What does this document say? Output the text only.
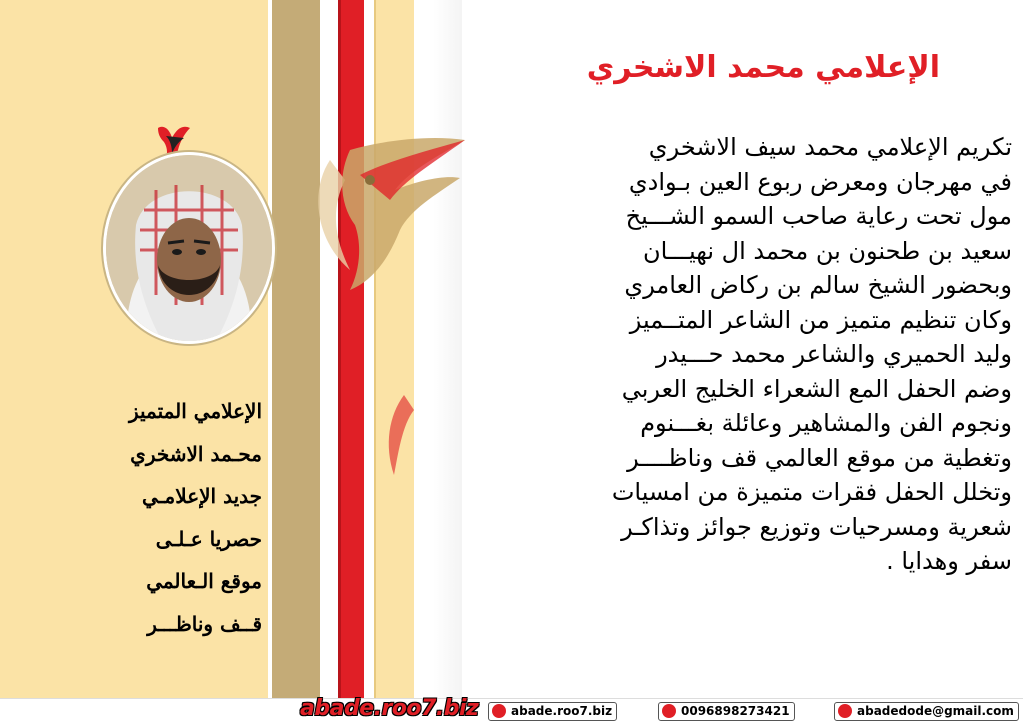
الإعلامي محمد الاشخري
تكريم الإعلامي محمد سيف الاشخري
في مهرجان ومعرض ربوع العين بـوادي
مول تحت رعاية صاحب السمو الشـــيخ
سعيد بن طحنون بن محمد ال نهيـــان
وبحضور الشيخ سالم بن ركاض العامري
وكان تنظيم متميز من الشاعر المتــميز
وليد الحميري والشاعر محمد حـــيدر
وضم الحفل المع الشعراء الخليج العربي
ونجوم الفن والمشاهير وعائلة بغـــنوم
وتغطية من موقع العالمي قف وناظــــر
وتخلل الحفل فقرات متميزة من امسيات
شعرية ومسرحيات وتوزيع جوائز وتذاكـر
سفر وهدايا .
الإعلامي المتميز
محـمد الاشخري
جديد الإعلامـي
حصريا عـلـى
موقع الـعالمي
قــف وناظـــر
abade.roo7.biz	abade.roo7.biz	0096898273421	abadedode@gmail.com
